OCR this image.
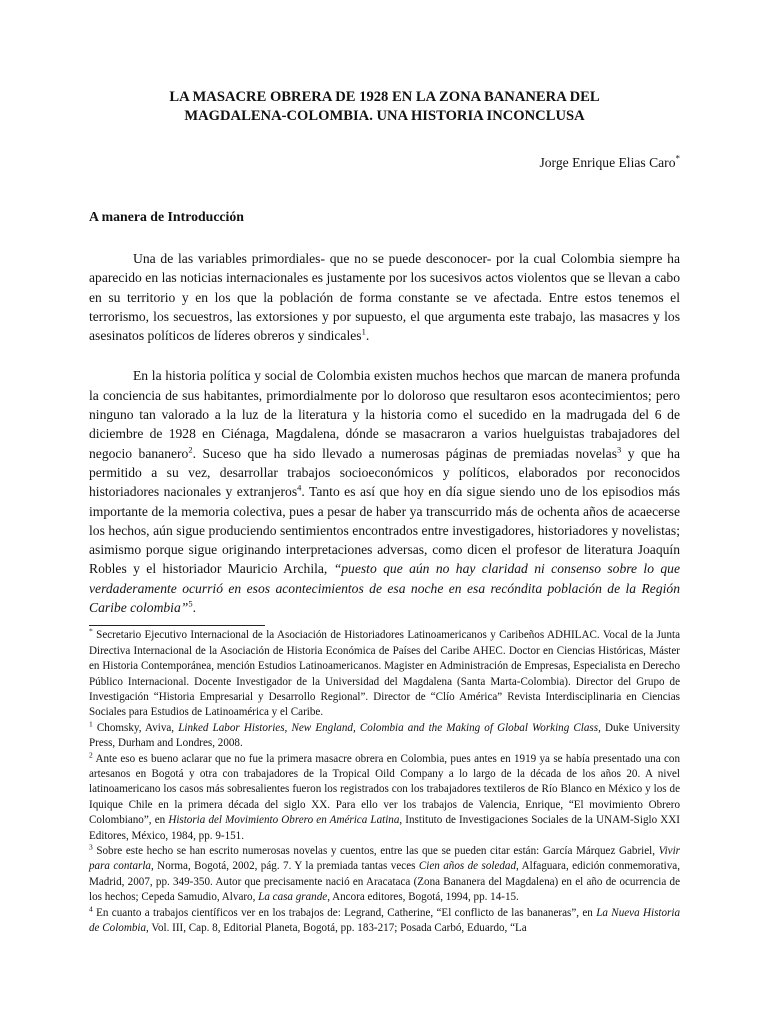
LA MASACRE OBRERA DE 1928 EN LA ZONA BANANERA DEL
MAGDALENA-COLOMBIA. UNA HISTORIA INCONCLUSA
Jorge Enrique Elias Caro*
A manera de Introducción

Una de las variables primordiales- que no se puede desconocer- por la cual Colombia siempre ha aparecido en las noticias internacionales es justamente por los sucesivos actos violentos que se llevan a cabo en su territorio y en los que la población de forma constante se ve afectada. Entre estos tenemos el terrorismo, los secuestros, las extorsiones y por supuesto, el que argumenta este trabajo, las masacres y los asesinatos políticos de líderes obreros y sindicales$^1$.

En la historia política y social de Colombia existen muchos hechos que marcan de manera profunda la conciencia de sus habitantes, primordialmente por lo doloroso que resultaron esos acontecimientos; pero ninguno tan valorado a la luz de la literatura y la historia como el sucedido en la madrugada del 6 de diciembre de 1928 en Ciénaga, Magdalena, dónde se masacraron a varios huelguistas trabajadores del negocio bananero$^2$. Suceso que ha sido llevado a numerosas páginas de premiadas novelas$^3$ y que ha permitido a su vez, desarrollar trabajos socioeconómicos y políticos, elaborados por reconocidos historiadores nacionales y extranjeros$^4$. Tanto es así que hoy en día sigue siendo uno de los episodios más importante de la memoria colectiva, pues a pesar de haber ya transcurrido más de ochenta años de acaecerse los hechos, aún sigue produciendo sentimientos encontrados entre investigadores, historiadores y novelistas; asimismo porque sigue originando interpretaciones adversas, como dicen el profesor de literatura Joaquín Robles y el historiador Mauricio Archila, “puesto que aún no hay claridad ni consenso sobre lo que verdaderamente ocurrió en esos acontecimientos de esa noche en esa recóndita población de la Región Caribe colombia”$^5$.

* Secretario Ejecutivo Internacional de la Asociación de Historiadores Latinoamericanos y Caribeños ADHILAC. Vocal de la Junta Directiva Internacional de la Asociación de Historia Económica de Países del Caribe AHEC. Doctor en Ciencias Históricas, Máster en Historia Contemporánea, mención Estudios Latinoamericanos. Magister en Administración de Empresas, Especialista en Derecho Público Internacional. Docente Investigador de la Universidad del Magdalena (Santa Marta-Colombia). Director del Grupo de Investigación “Historia Empresarial y Desarrollo Regional”. Director de “Clío América” Revista Interdisciplinaria en Ciencias Sociales para Estudios de Latinoamérica y el Caribe.

$^1$ Chomsky, Aviva, Linked Labor Histories, New England, Colombia and the Making of Global Working Class, Duke University Press, Durham and Londres, 2008.

$^2$ Ante eso es bueno aclarar que no fue la primera masacre obrera en Colombia, pues antes en 1919 ya se había presentado una con artesanos en Bogotá y otra con trabajadores de la Tropical Oild Company a lo largo de la década de los años 20. A nivel latinoamericano los casos más sobresalientes fueron los registrados con los trabajadores textileros de Río Blanco en México y los de Iquique Chile en la primera década del siglo XX. Para ello ver los trabajos de Valencia, Enrique, “El movimiento Obrero Colombiano”, en Historia del Movimiento Obrero en América Latina, Instituto de Investigaciones Sociales de la UNAM-Siglo XXI Editores, México, 1984, pp. 9-151.

$^3$ Sobre este hecho se han escrito numerosas novelas y cuentos, entre las que se pueden citar están: García Márquez Gabriel, Vivir para contarla, Norma, Bogotá, 2002, pág. 7. Y la premiada tantas veces Cien años de soledad, Alfaguara, edición conmemorativa, Madrid, 2007, pp. 349-350. Autor que precisamente nació en Aracataca (Zona Bananera del Magdalena) en el año de ocurrencia de los hechos; Cepeda Samudio, Alvaro, La casa grande, Ancora editores, Bogotá, 1994, pp. 14-15.

$^4$ En cuanto a trabajos científicos ver en los trabajos de: Legrand, Catherine, “El conflicto de las bananeras”, en La Nueva Historia de Colombia, Vol. III, Cap. 8, Editorial Planeta, Bogotá, pp. 183-217; Posada Carbó, Eduardo, “La
